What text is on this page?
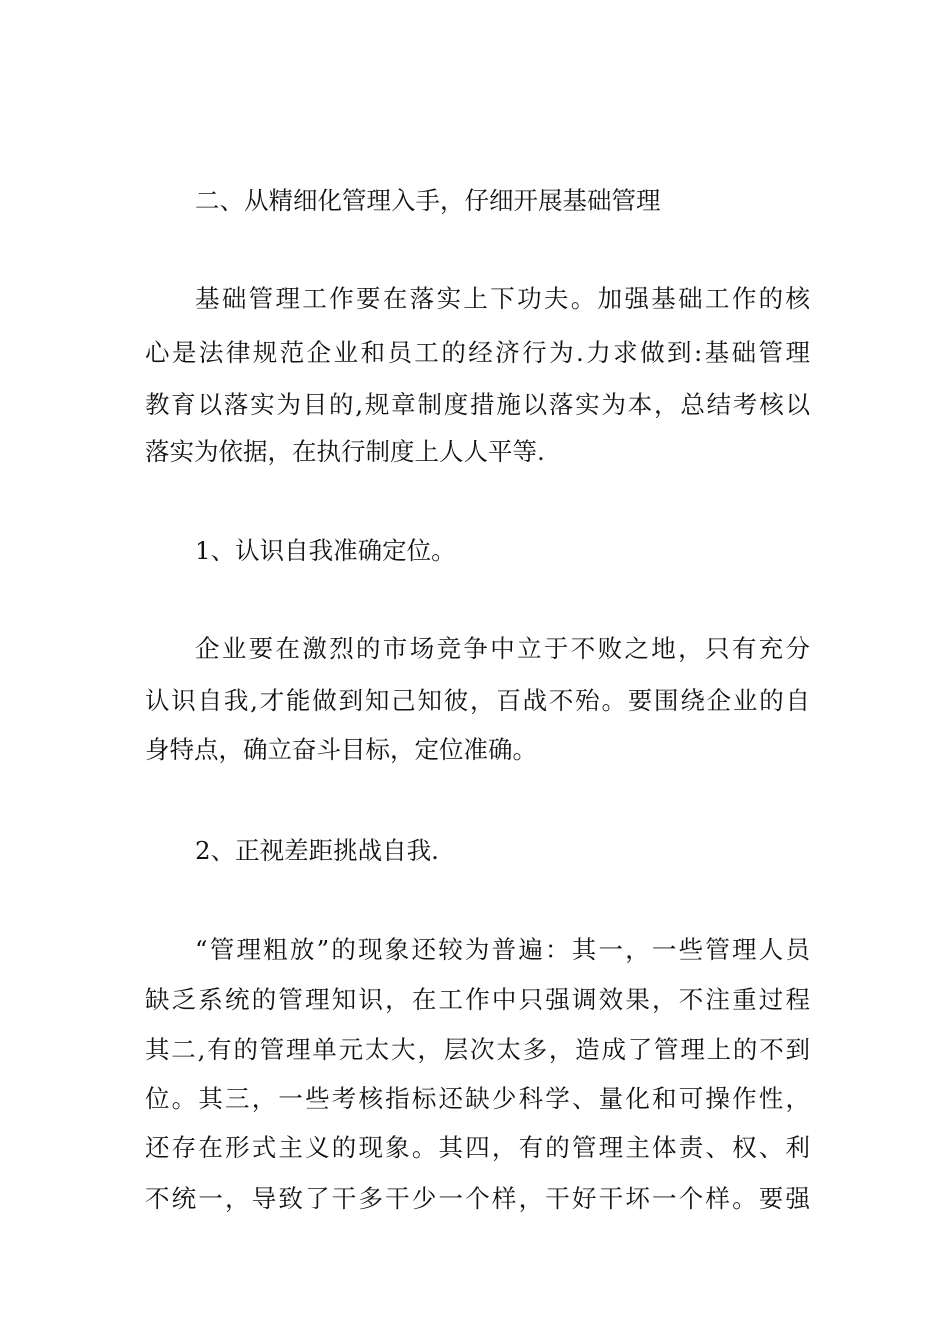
二、从精细化管理入手，仔细开展基础管理

基础管理工作要在落实上下功夫。加强基础工作的核

心是法律规范企业和员工的经济行为.力求做到:基础管理

教育以落实为目的,规章制度措施以落实为本，总结考核以

落实为依据，在执行制度上人人平等.

1、认识自我准确定位。

企业要在激烈的市场竞争中立于不败之地，只有充分

认识自我,才能做到知己知彼，百战不殆。要围绕企业的自

身特点，确立奋斗目标，定位准确。

2、正视差距挑战自我.

“管理粗放”的现象还较为普遍：其一，一些管理人员

缺乏系统的管理知识，在工作中只强调效果，不注重过程

其二,有的管理单元太大，层次太多，造成了管理上的不到

位。其三，一些考核指标还缺少科学、量化和可操作性，

还存在形式主义的现象。其四，有的管理主体责、权、利

不统一，导致了干多干少一个样，干好干坏一个样。要强
